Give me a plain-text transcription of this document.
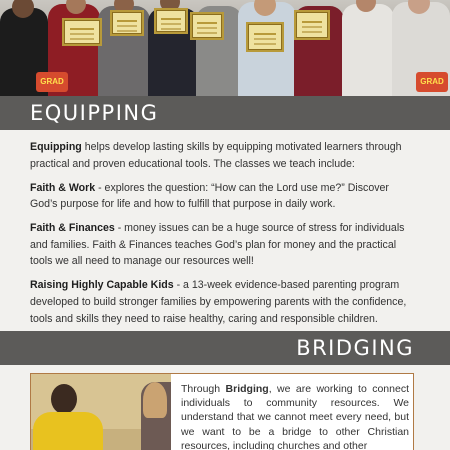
GRAD	GRAD
EQUIPPING

Equipping helps develop lasting skills by equipping motivated learners through practical and proven educational tools. The classes we teach include:

Faith & Work - explores the question: “How can the Lord use me?” Discover God’s purpose for life and how to fulfill that purpose in daily work.

Faith & Finances - money issues can be a huge source of stress for individuals and families. Faith & Finances teaches God’s plan for money and the practical tools we all need to manage our resources well!

Raising Highly Capable Kids - a 13-week evidence-based parenting program developed to build stronger families by empowering parents with the confidence, tools and skills they need to raise healthy, caring and responsible children.

BRIDGING
Through Bridging, we are working to connect individuals to community resources. We understand that we cannot meet every need, but we want to be a bridge to other Christian resources, including churches and other
